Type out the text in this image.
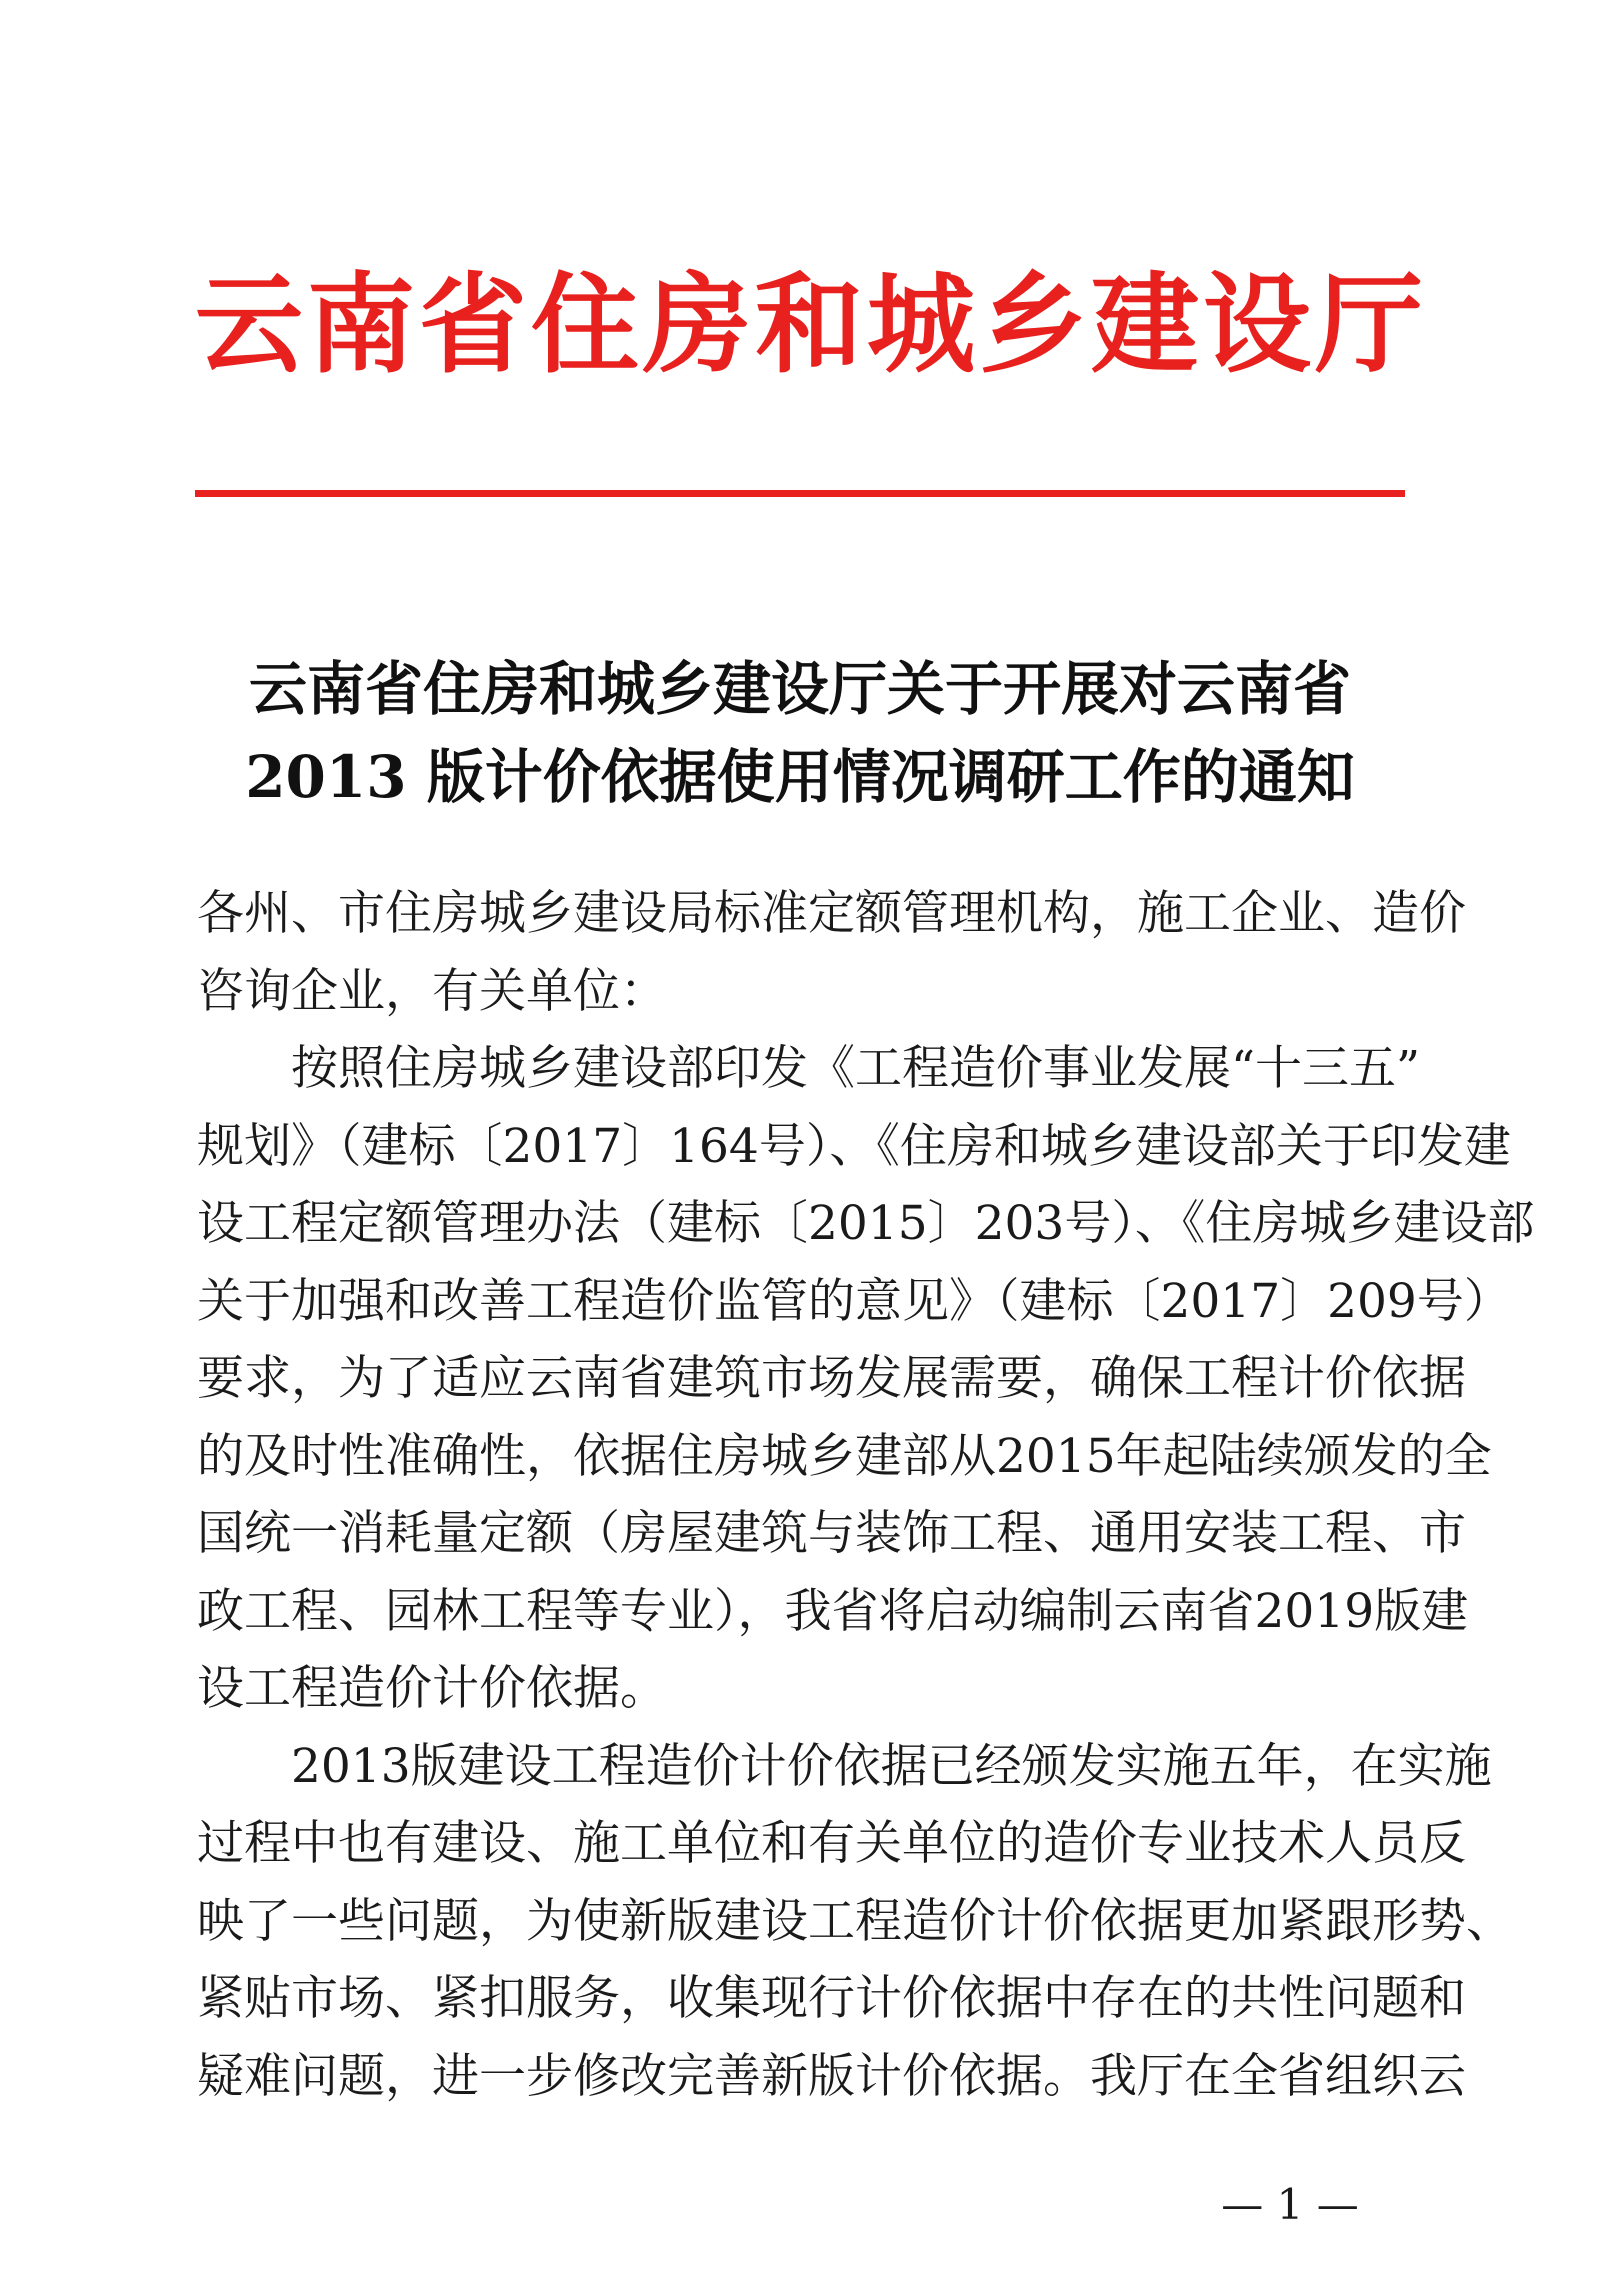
云南省住房和城乡建设厅
云南省住房和城乡建设厅关于开展对云南省
2013 版计价依据使用情况调研工作的通知
各州、市住房城乡建设局标准定额管理机构，施工企业、造价
咨询企业，有关单位：
按照住房城乡建设部印发《工程造价事业发展“十三五”
规划》（建标〔2017〕164号）、《住房和城乡建设部关于印发建
设工程定额管理办法（建标〔2015〕203号）、《住房城乡建设部
关于加强和改善工程造价监管的意见》（建标〔2017〕209号）
要求，为了适应云南省建筑市场发展需要，确保工程计价依据
的及时性准确性，依据住房城乡建部从2015年起陆续颁发的全
国统一消耗量定额（房屋建筑与装饰工程、通用安装工程、市
政工程、园林工程等专业），我省将启动编制云南省2019版建
设工程造价计价依据。
2013版建设工程造价计价依据已经颁发实施五年，在实施
过程中也有建设、施工单位和有关单位的造价专业技术人员反
映了一些问题，为使新版建设工程造价计价依据更加紧跟形势、
紧贴市场、紧扣服务，收集现行计价依据中存在的共性问题和
疑难问题，进一步修改完善新版计价依据。我厅在全省组织云
— 1 —
